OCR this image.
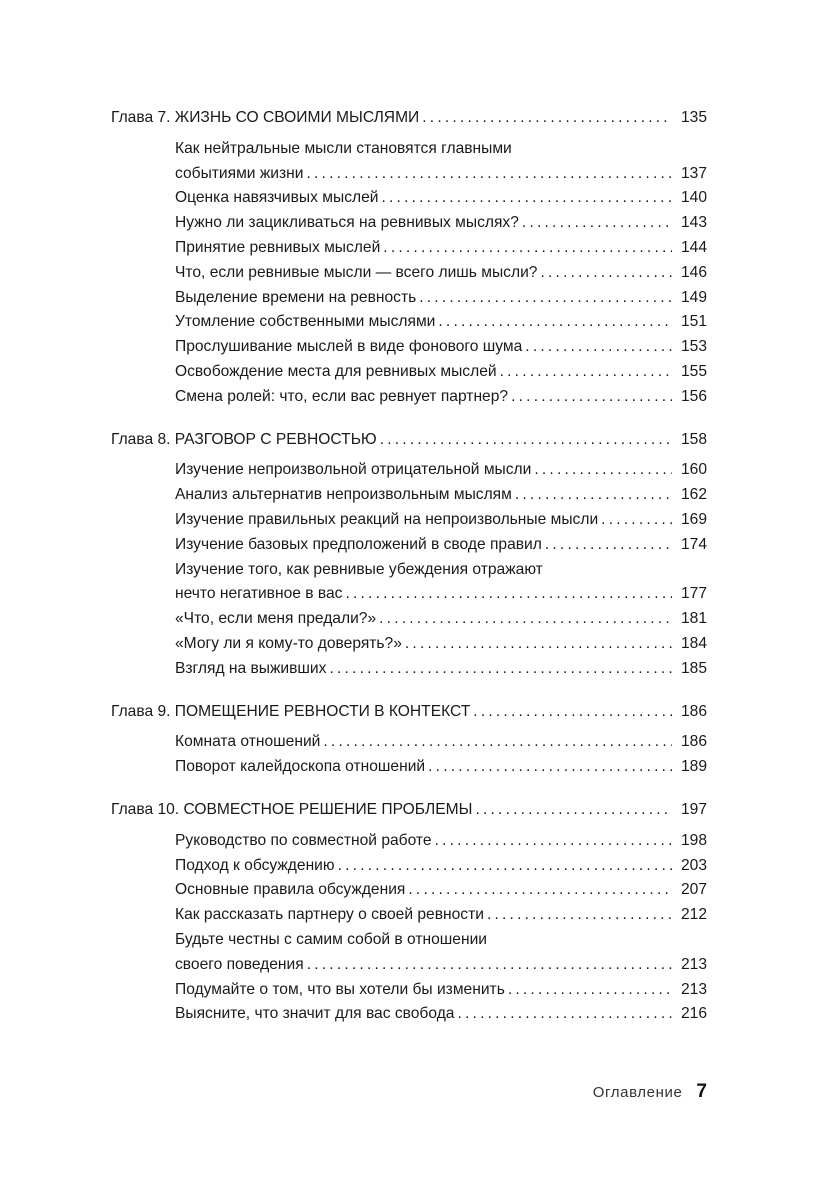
Глава 7. ЖИЗНЬ СО СВОИМИ МЫСЛЯМИ .....	135
Как нейтральные мысли становятся главными
событиями жизни .....	137
Оценка навязчивых мыслей .....	140
Нужно ли зацикливаться на ревнивых мыслях? .....	143
Принятие ревнивых мыслей .....	144
Что, если ревнивые мысли — всего лишь мысли? .....	146
Выделение времени на ревность .....	149
Утомление собственными мыслями .....	151
Прослушивание мыслей в виде фонового шума .....	153
Освобождение места для ревнивых мыслей .....	155
Смена ролей: что, если вас ревнует партнер? .....	156
Глава 8. РАЗГОВОР С РЕВНОСТЬЮ .....	158
Изучение непроизвольной отрицательной мысли .....	160
Анализ альтернатив непроизвольным мыслям .....	162
Изучение правильных реакций на непроизвольные мысли .....	169
Изучение базовых предположений в своде правил .....	174
Изучение того, как ревнивые убеждения отражают
нечто негативное в вас .....	177
«Что, если меня предали?» .....	181
«Могу ли я кому-то доверять?» .....	184
Взгляд на выживших .....	185
Глава 9. ПОМЕЩЕНИЕ РЕВНОСТИ В КОНТЕКСТ .....	186
Комната отношений .....	186
Поворот калейдоскопа отношений .....	189
Глава 10. СОВМЕСТНОЕ РЕШЕНИЕ ПРОБЛЕМЫ .....	197
Руководство по совместной работе .....	198
Подход к обсуждению .....	203
Основные правила обсуждения .....	207
Как рассказать партнеру о своей ревности .....	212
Будьте честны с самим собой в отношении
своего поведения .....	213
Подумайте о том, что вы хотели бы изменить .....	213
Выясните, что значит для вас свобода .....	216
Оглавление 7
